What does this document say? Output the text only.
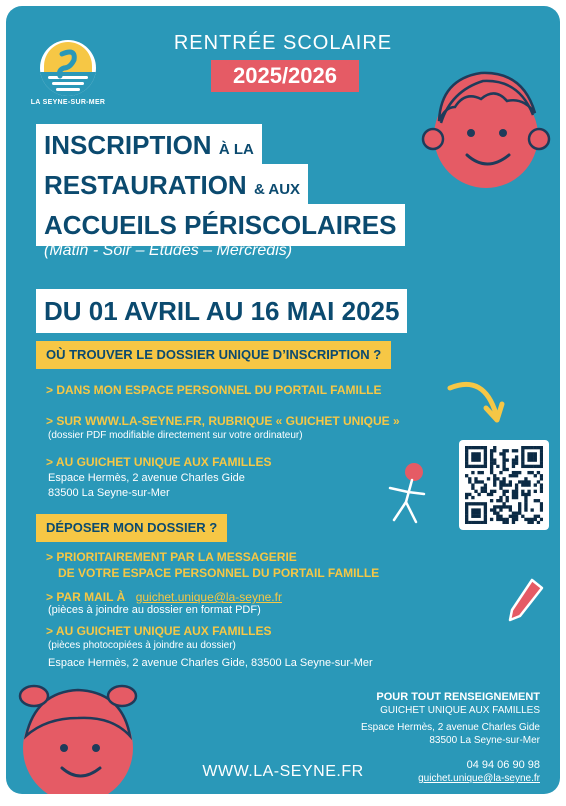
LA SEYNE-SUR-MER
RENTRÉE SCOLAIRE
2025/2026
INSCRIPTION À LA
RESTAURATION & AUX
ACCUEILS PÉRISCOLAIRES
(Matin - Soir – Études – Mercredis)
DU 01 AVRIL AU 16 MAI 2025
OÙ TROUVER LE DOSSIER UNIQUE D’INSCRIPTION ?
> DANS MON ESPACE PERSONNEL DU PORTAIL FAMILLE
> SUR WWW.LA-SEYNE.FR, RUBRIQUE « GUICHET UNIQUE »
(dossier PDF modifiable directement sur votre ordinateur)
> AU GUICHET UNIQUE AUX FAMILLES
Espace Hermès, 2 avenue Charles Gide
83500 La Seyne-sur-Mer
DÉPOSER MON DOSSIER ?
> PRIORITAIREMENT PAR LA MESSAGERIE
DE VOTRE ESPACE PERSONNEL DU PORTAIL FAMILLE
> PAR MAIL À guichet.unique@la-seyne.fr
(pièces à joindre au dossier en format PDF)
> AU GUICHET UNIQUE AUX FAMILLES
(pièces photocopiées à joindre au dossier)
Espace Hermès, 2 avenue Charles Gide, 83500 La Seyne-sur-Mer
POUR TOUT RENSEIGNEMENT
GUICHET UNIQUE AUX FAMILLES
Espace Hermès, 2 avenue Charles Gide
83500 La Seyne-sur-Mer
04 94 06 90 98
guichet.unique@la-seyne.fr
WWW.LA-SEYNE.FR
